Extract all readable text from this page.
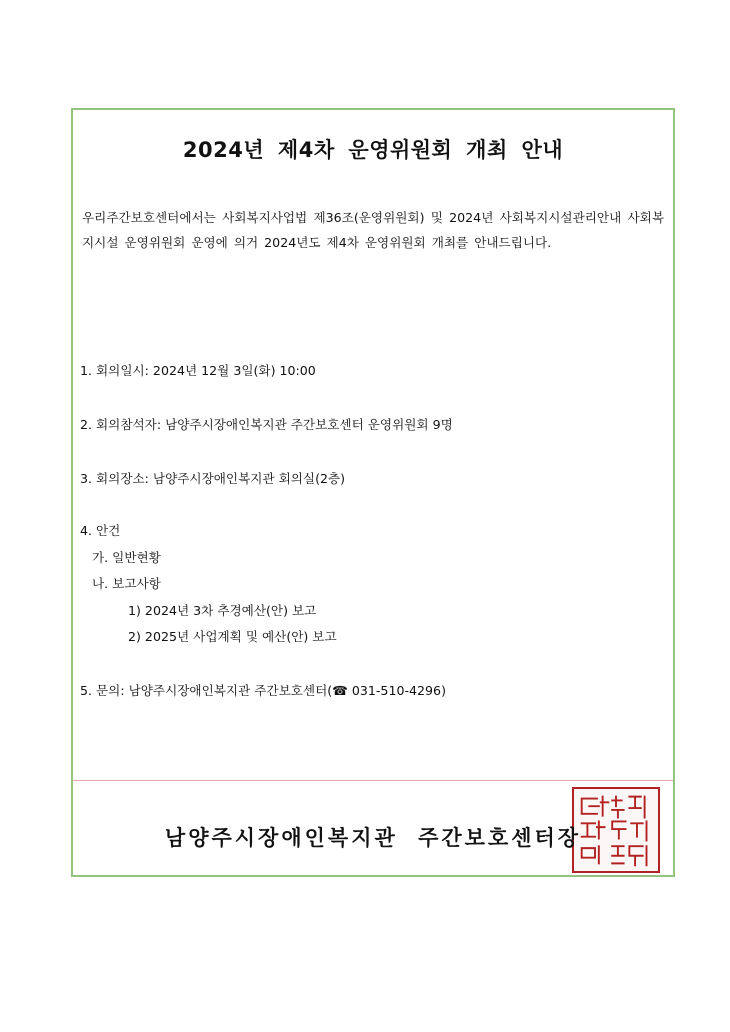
2024년 제4차 운영위원회 개최 안내
우리주간보호센터에서는 사회복지사업법 제36조(운영위원회) 및 2024년 사회복지시설관리안내 사회복지시설 운영위원회 운영에 의거 2024년도 제4차 운영위원회 개최를 안내드립니다.
1. 회의일시: 2024년 12월 3일(화) 10:00
2. 회의참석자: 남양주시장애인복지관 주간보호센터 운영위원회 9명
3. 회의장소: 남양주시장애인복지관 회의실(2층)
4. 안건
가. 일반현황
나. 보고사항
1) 2024년 3차 추경예산(안) 보고
2) 2025년 사업계획 및 예산(안) 보고
5. 문의: 남양주시장애인복지관 주간보호센터(☎ 031-510-4296)
남양주시장애인복지관 주간보호센터장
